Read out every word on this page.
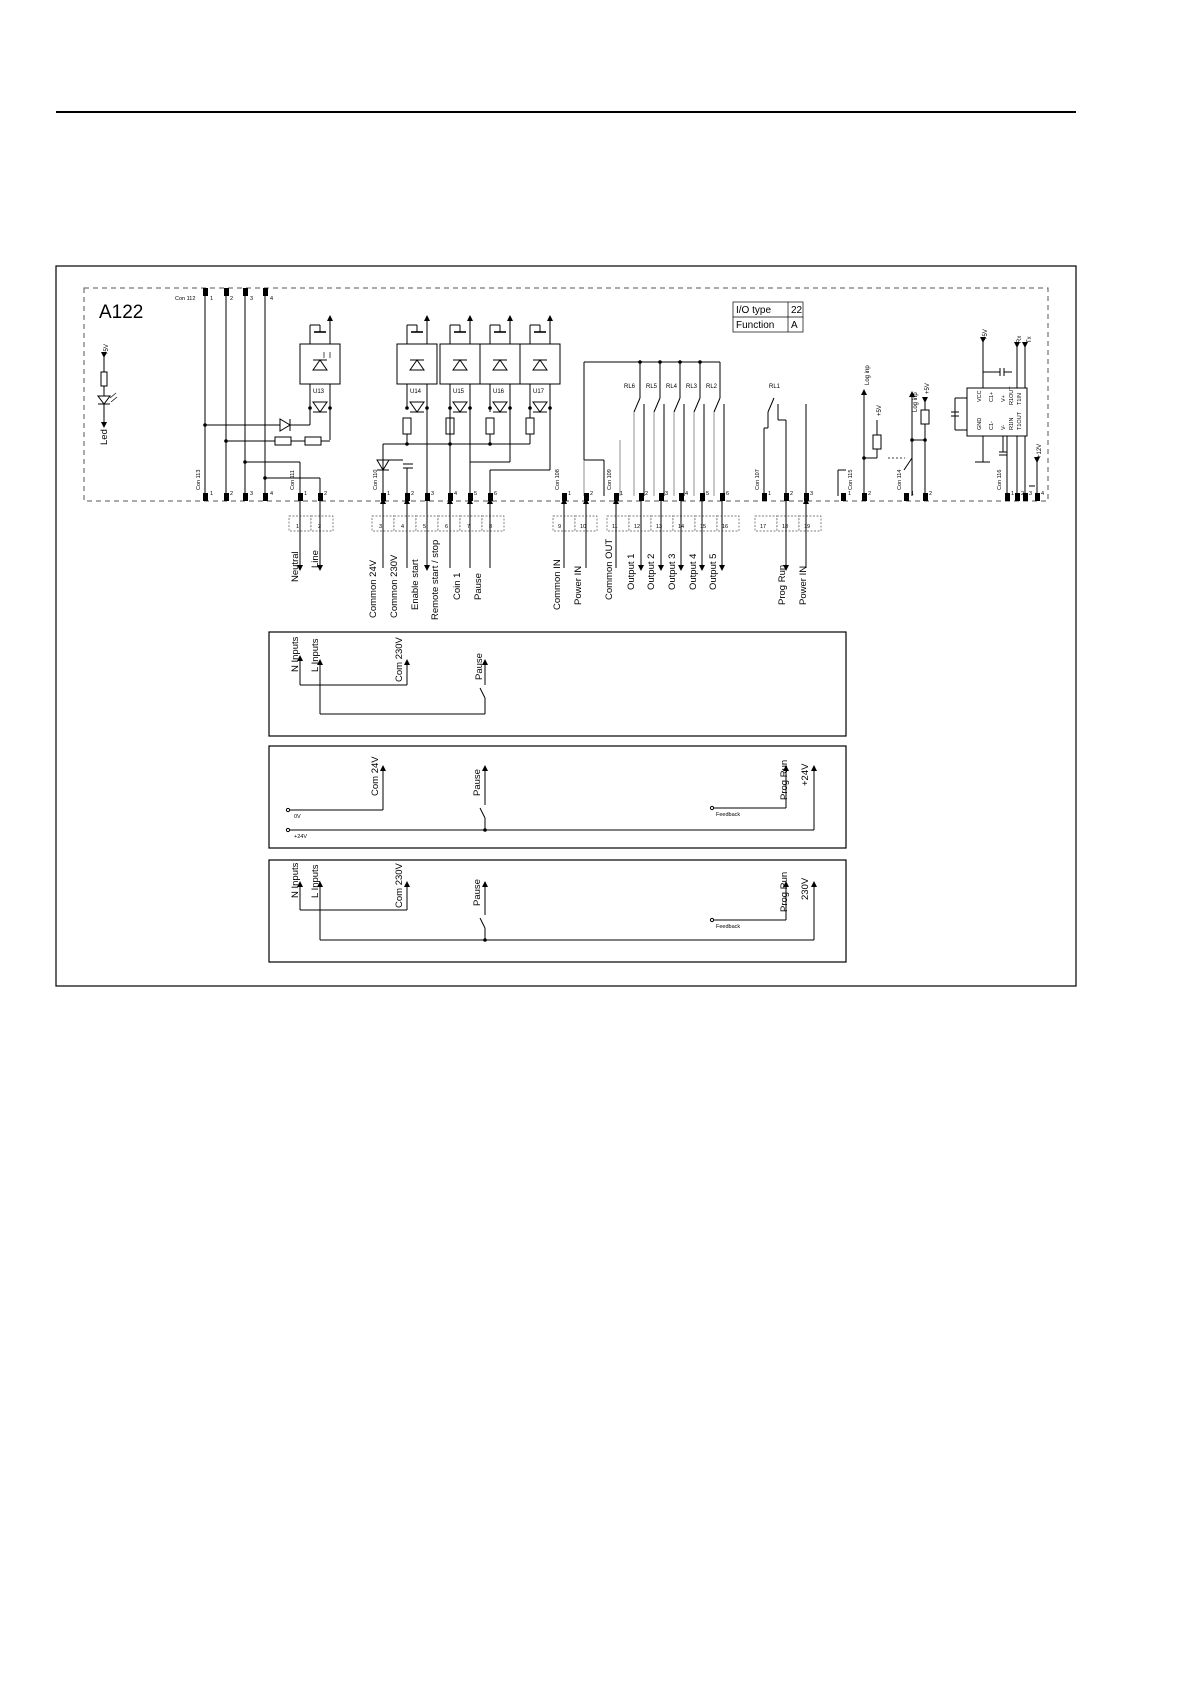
A122	I/O type 22
Function A
Con 112
Con 113
1	2	3	4
1	2	3	4
+5V
Led
U13
Con 111
1	2
U14	U15	U16	U17
Con 110
1	2	3	4	5	6
RL6 RL5 RL4 RL3 RL2
Con 108	Con 109
1	2	1	2	3	4	5	6
RL1
Con 107
1	2	3
Log inp
+5V
Con 115
1	2
Log inp
+5V
Con 114
1	2
VCC C1+ V+ R1OUT T1IN
GND C1- V- R1IN T1OUT
+5V	Rx Tx
+12V
Con 116
1 2 3 4
1	2	3	4	5	6	7	8	9	10	11	12	13	14	15	16	17	18	19
Neutral Line
Common 24V Common 230V Enable start Remote start / stop Coin 1 Pause	Common IN Power IN Common OUT Output 1 Output 2 Output 3 Output 4 Output 5	Prog Run Power IN
N Inputs L Inputs	Com 230V	Pause
0V
+24V
Feedback
Com 24V	Pause	Prog Run +24V
Feedback
N Inputs L Inputs	Com 230V	Pause	Prog Run 230V
